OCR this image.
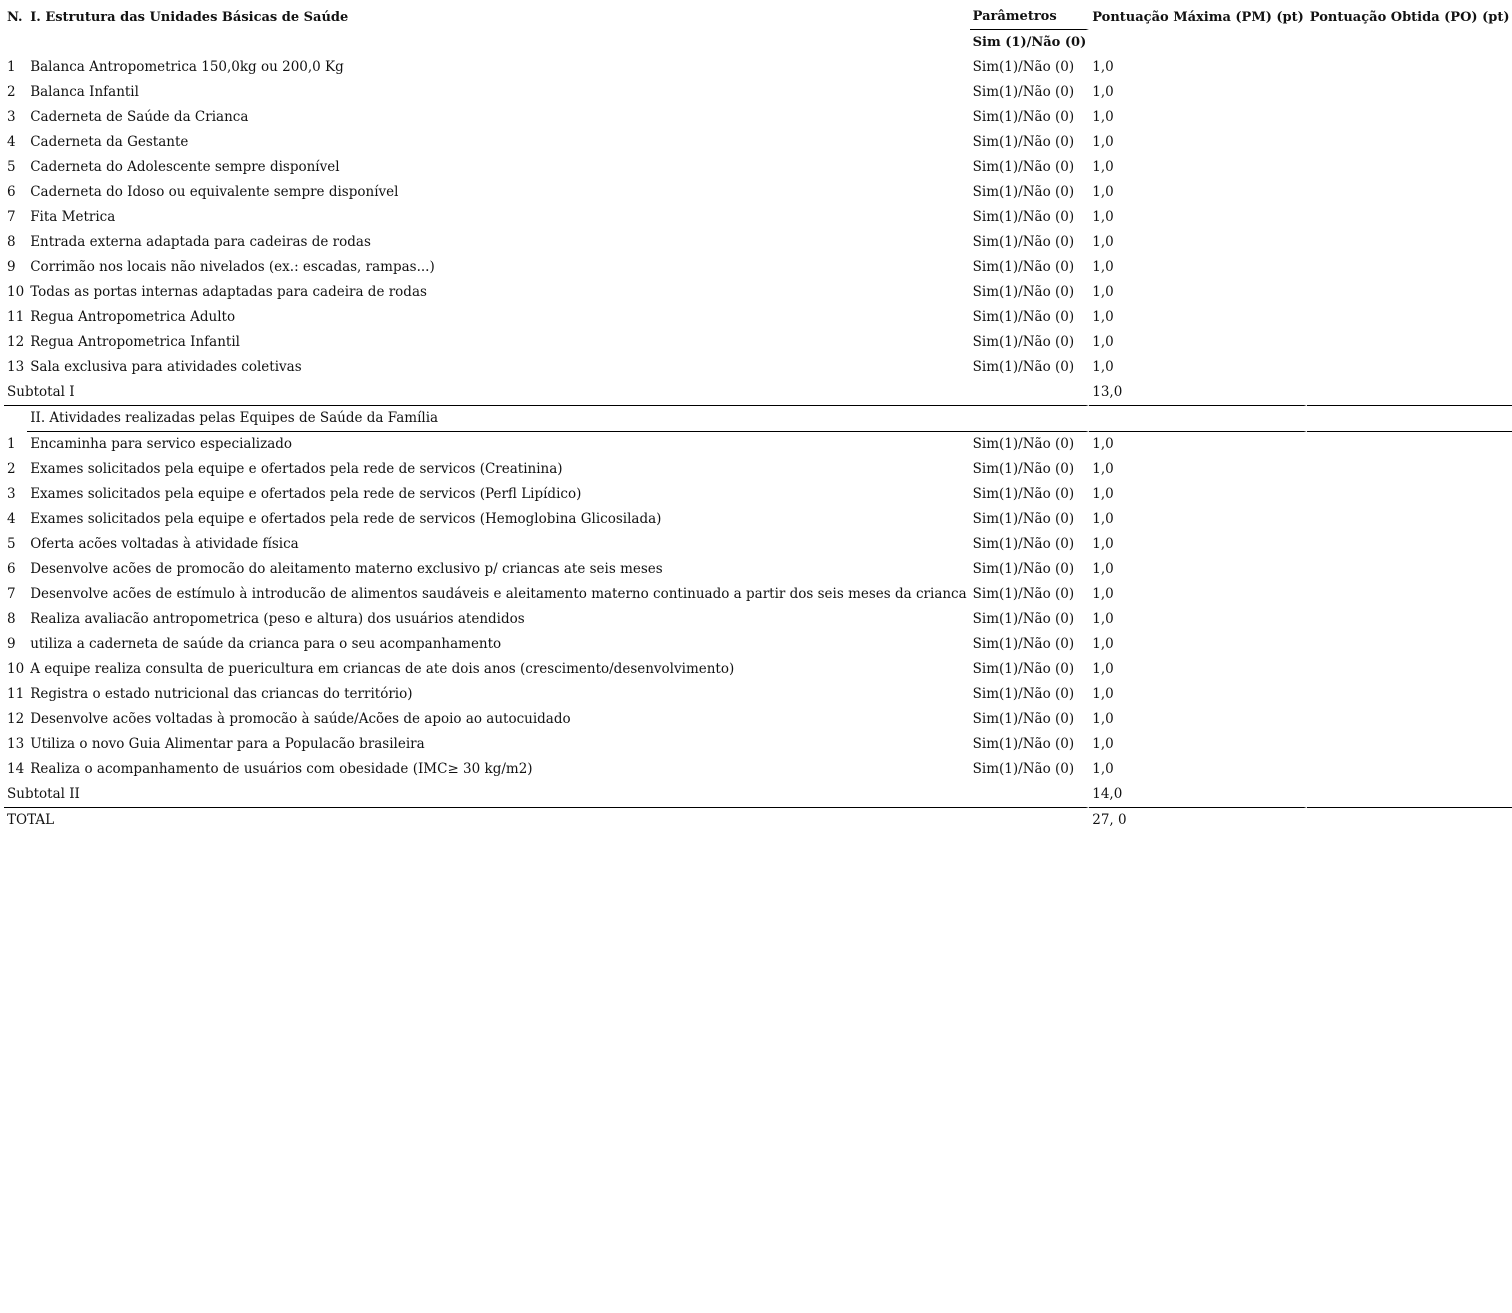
N.	I. Estrutura das Unidades Básicas de Saúde	Parâmetros	Pontuação Máxima (PM) (pt)	Pontuação Obtida (PO) (pt)
		Sim (1)/Não (0)		
1	Balanca Antropometrica 150,0kg ou 200,0 Kg	Sim(1)/Não (0)	1,0	
2	Balanca Infantil	Sim(1)/Não (0)	1,0	
3	Caderneta de Saúde da Crianca	Sim(1)/Não (0)	1,0	
4	Caderneta da Gestante	Sim(1)/Não (0)	1,0	
5	Caderneta do Adolescente sempre disponível	Sim(1)/Não (0)	1,0	
6	Caderneta do Idoso ou equivalente sempre disponível	Sim(1)/Não (0)	1,0	
7	Fita Metrica	Sim(1)/Não (0)	1,0	
8	Entrada externa adaptada para cadeiras de rodas	Sim(1)/Não (0)	1,0	
9	Corrimão nos locais não nivelados (ex.: escadas, rampas...)	Sim(1)/Não (0)	1,0	
10	Todas as portas internas adaptadas para cadeira de rodas	Sim(1)/Não (0)	1,0	
11	Regua Antropometrica Adulto	Sim(1)/Não (0)	1,0	
12	Regua Antropometrica Infantil	Sim(1)/Não (0)	1,0	
13	Sala exclusiva para atividades coletivas	Sim(1)/Não (0)	1,0	
Subtotal I			13,0	
	II. Atividades realizadas pelas Equipes de Saúde da Família			
1	Encaminha para servico especializado	Sim(1)/Não (0)	1,0	
2	Exames solicitados pela equipe e ofertados pela rede de servicos (Creatinina)	Sim(1)/Não (0)	1,0	
3	Exames solicitados pela equipe e ofertados pela rede de servicos (Perfl Lipídico)	Sim(1)/Não (0)	1,0	
4	Exames solicitados pela equipe e ofertados pela rede de servicos (Hemoglobina Glicosilada)	Sim(1)/Não (0)	1,0	
5	Oferta acões voltadas à atividade física	Sim(1)/Não (0)	1,0	
6	Desenvolve acões de promocão do aleitamento materno exclusivo p/ criancas ate seis meses	Sim(1)/Não (0)	1,0	
7	Desenvolve acões de estímulo à introducão de alimentos saudáveis e aleitamento materno continuado a partir dos seis meses da crianca	Sim(1)/Não (0)	1,0	
8	Realiza avaliacão antropometrica (peso e altura) dos usuários atendidos	Sim(1)/Não (0)	1,0	
9	utiliza a caderneta de saúde da crianca para o seu acompanhamento	Sim(1)/Não (0)	1,0	
10	A equipe realiza consulta de puericultura em criancas de ate dois anos (crescimento/desenvolvimento)	Sim(1)/Não (0)	1,0	
11	Registra o estado nutricional das criancas do território)	Sim(1)/Não (0)	1,0	
12	Desenvolve acões voltadas à promocão à saúde/Acões de apoio ao autocuidado	Sim(1)/Não (0)	1,0	
13	Utiliza o novo Guia Alimentar para a Populacão brasileira	Sim(1)/Não (0)	1,0	
14	Realiza o acompanhamento de usuários com obesidade (IMC≥ 30 kg/m2)	Sim(1)/Não (0)	1,0	
Subtotal II			14,0	
TOTAL			27, 0	
